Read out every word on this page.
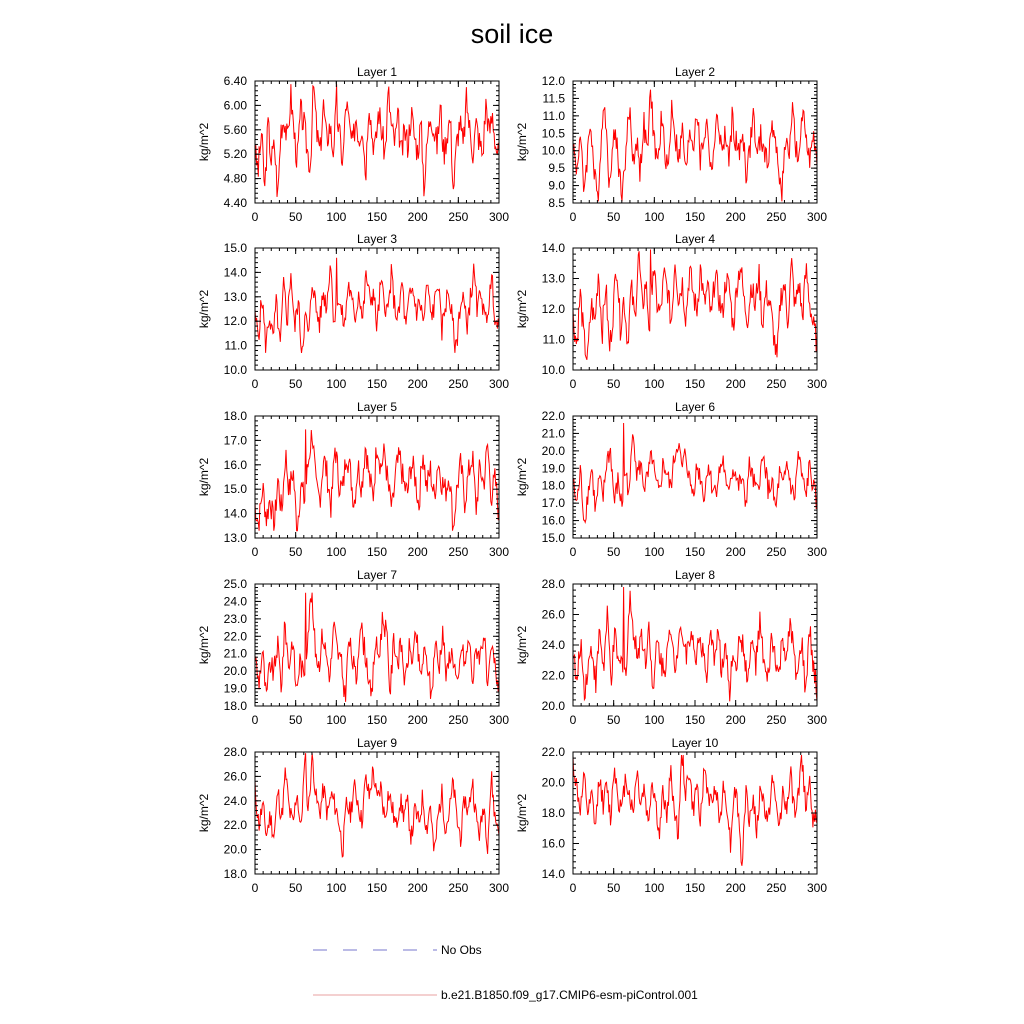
soil ice
Layer 1
0	50 100 150 200 250 300
4.40
4.80
5.20
5.60
6.00
6.40
kg/m^2
Layer 2
0	50 100 150 200 250 300
8.5
9.0
9.5
10.0
10.5
11.0
11.5
12.0
kg/m^2
Layer 3
0	50 100 150 200 250 300
10.0
11.0
12.0
13.0
14.0
15.0
kg/m^2
Layer 4
0	50 100 150 200 250 300
10.0
11.0
12.0
13.0
14.0
kg/m^2
Layer 5
0	50 100 150 200 250 300
13.0
14.0
15.0
16.0
17.0
18.0
kg/m^2
Layer 6
0	50 100 150 200 250 300
15.0
16.0
17.0
18.0
19.0
20.0
21.0
22.0
kg/m^2
Layer 7
0	50 100 150 200 250 300
18.0
19.0
20.0
21.0
22.0
23.0
24.0
25.0
kg/m^2
Layer 8
0	50 100 150 200 250 300
20.0
22.0
24.0
26.0
28.0
kg/m^2
Layer 9
0	50 100 150 200 250 300
18.0
20.0
22.0
24.0
26.0
28.0
kg/m^2
Layer 10
0	50 100 150 200 250 300
14.0
16.0
18.0
20.0
22.0
kg/m^2
No Obs
b.e21.B1850.f09_g17.CMIP6-esm-piControl.001
